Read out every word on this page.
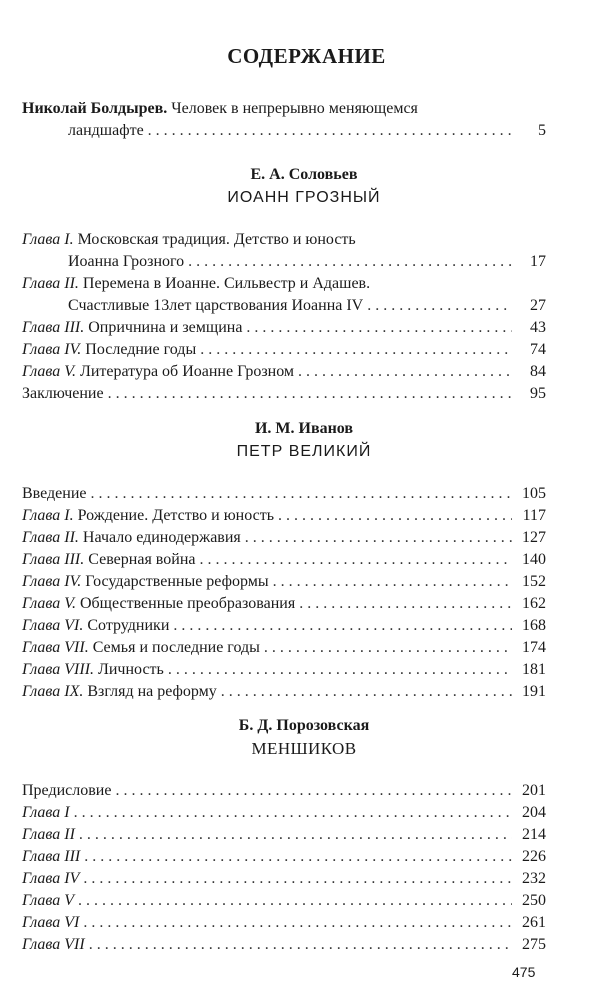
СОДЕРЖАНИЕ
Николай Болдырев.
Человек в непрерывно меняющемся
ландшафте . . .	5
Е. А. Соловьев
ИОАНН ГРОЗНЫЙ
Глава I.
Московская традиция. Детство и юность
Иоанна Грозного . . .	17
Глава II.
Перемена в Иоанне. Сильвестр и Адашев.
Счастливые 13лет царствования Иоанна IV . . .	27
Глава III.
Опричнина и земщина . . .	43
Глава IV.
Последние годы . . .	74
Глава V.
Литература об Иоанне Грозном . . .	84
Заключение . . .	95
И. М. Иванов
ПЕТР ВЕЛИКИЙ
Введение . . .	105
Глава I.
Рождение. Детство и юность . . .	117
Глава II.
Начало единодержавия . . .	127
Глава III.
Северная война . . .	140
Глава IV.
Государственные реформы . . .	152
Глава V.
Общественные преобразования . . .	162
Глава VI.
Сотрудники . . .	168
Глава VII.
Семья и последние годы . . .	174
Глава VIII.
Личность . . .	181
Глава IX.
Взгляд на реформу . . .	191
Б. Д. Порозовская
МЕНШИКОВ
Предисловие . . .	201
Глава I . . .	204
Глава II . . .	214
Глава III . . .	226
Глава IV . . .	232
Глава V . . .	250
Глава VI . . .	261
Глава VII . . .	275
475
